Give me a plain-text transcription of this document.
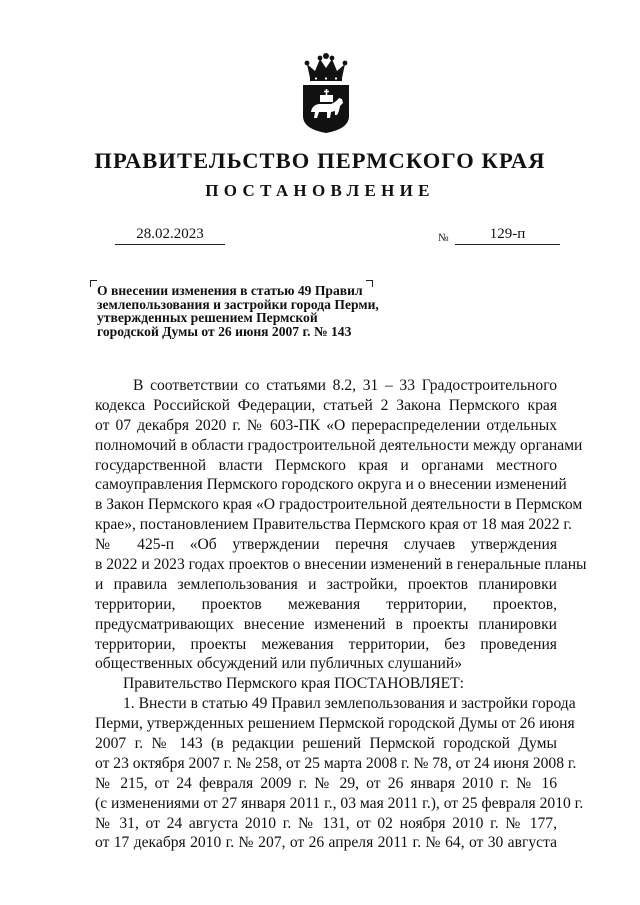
ПРАВИТЕЛЬСТВО ПЕРМСКОГО КРАЯ
ПОСТАНОВЛЕНИЕ
28.02.2023	№	129-п
О внесении изменения в статью 49 Правил
землепользования и застройки города Перми,
утвержденных решением Пермской
городской Думы от 26 июня 2007 г. № 143
В соответствии со статьями 8.2, 31 – 33 Градостроительного
кодекса Российской Федерации, статьей 2 Закона Пермского края
от 07 декабря 2020 г. № 603-ПК «О перераспределении отдельных
полномочий в области градостроительной деятельности между органами
государственной власти Пермского края и органами местного
самоуправления Пермского городского округа и о внесении изменений
в Закон Пермского края «О градостроительной деятельности в Пермском
крае», постановлением Правительства Пермского края от 18 мая 2022 г.
№ 425-п «Об утверждении перечня случаев утверждения
в 2022 и 2023 годах проектов о внесении изменений в генеральные планы
и правила землепользования и застройки, проектов планировки
территории, проектов межевания территории, проектов,
предусматривающих внесение изменений в проекты планировки
территории, проекты межевания территории, без проведения
общественных обсуждений или публичных слушаний»
Правительство Пермского края ПОСТАНОВЛЯЕТ:
1. Внести в статью 49 Правил землепользования и застройки города
Перми, утвержденных решением Пермской городской Думы от 26 июня
2007 г. № 143 (в редакции решений Пермской городской Думы
от 23 октября 2007 г. № 258, от 25 марта 2008 г. № 78, от 24 июня 2008 г.
№ 215, от 24 февраля 2009 г. № 29, от 26 января 2010 г. № 16
(с изменениями от 27 января 2011 г., 03 мая 2011 г.), от 25 февраля 2010 г.
№ 31, от 24 августа 2010 г. № 131, от 02 ноября 2010 г. № 177,
от 17 декабря 2010 г. № 207, от 26 апреля 2011 г. № 64, от 30 августа
